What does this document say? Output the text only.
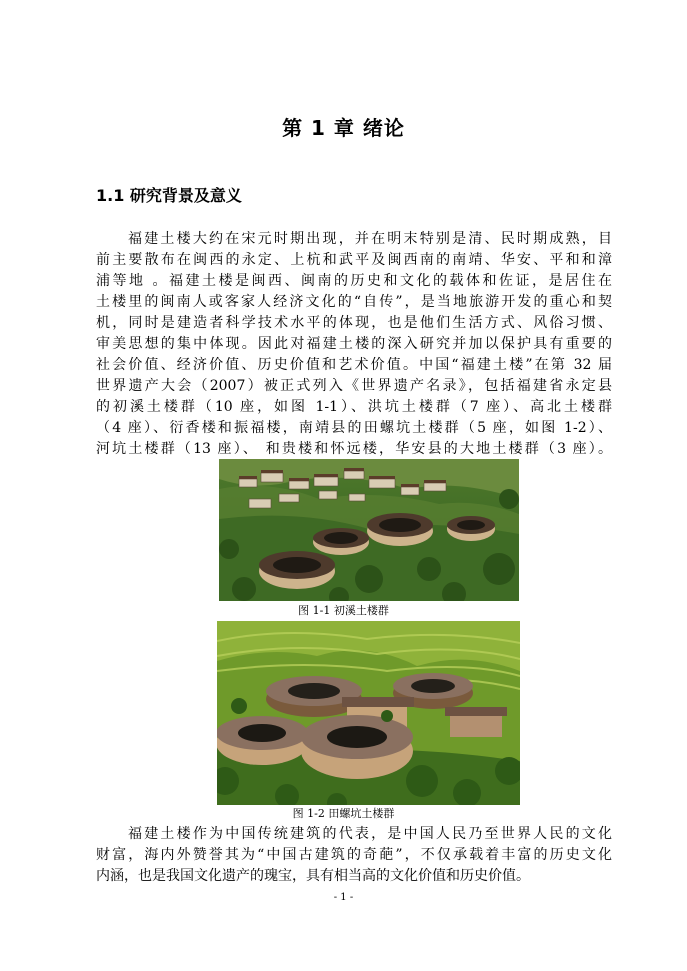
第 1 章 绪论
1.1 研究背景及意义
福建土楼大约在宋元时期出现，并在明末特别是清、民时期成熟，目
前主要散布在闽西的永定、上杭和武平及闽西南的南靖、华安、平和和漳
浦等地 。福建土楼是闽西、闽南的历史和文化的载体和佐证，是居住在
土楼里的闽南人或客家人经济文化的“自传”，是当地旅游开发的重心和契
机，同时是建造者科学技术水平的体现，也是他们生活方式、风俗习惯、
审美思想的集中体现。因此对福建土楼的深入研究并加以保护具有重要的
社会价值、经济价值、历史价值和艺术价值。中国“福建土楼”在第 32 届
世界遗产大会（2007）被正式列入《世界遗产名录》，包括福建省永定县
的初溪土楼群（10 座，如图 1-1）、洪坑土楼群（7 座）、高北土楼群
（4 座）、衍香楼和振福楼，南靖县的田螺坑土楼群（5 座，如图 1-2）、
河坑土楼群（13 座）、 和贵楼和怀远楼，华安县的大地土楼群（3 座）。
图 1-1 初溪土楼群
图 1-2 田螺坑土楼群
福建土楼作为中国传统建筑的代表，是中国人民乃至世界人民的文化
财富，海内外赞誉其为“中国古建筑的奇葩”，不仅承载着丰富的历史文化
内涵，也是我国文化遗产的瑰宝，具有相当高的文化价值和历史价值。
- 1 -
